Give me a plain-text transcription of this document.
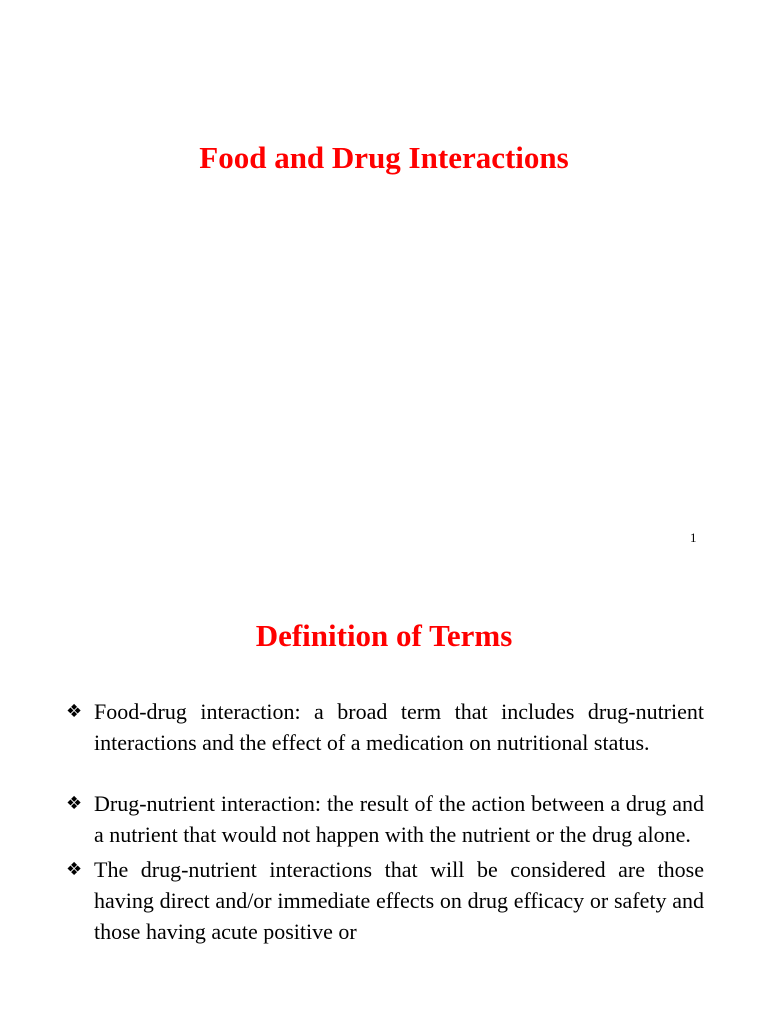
Food and Drug Interactions
1
Definition of Terms
❖ Food-drug interaction: a broad term that includes drug-nutrient interactions and the effect of a medication on nutritional status.
❖ Drug-nutrient interaction: the result of the action between a drug and a nutrient that would not happen with the nutrient or the drug alone.
❖ The drug-nutrient interactions that will be considered are those having direct and/or immediate effects on drug efficacy or safety and those having acute positive or
